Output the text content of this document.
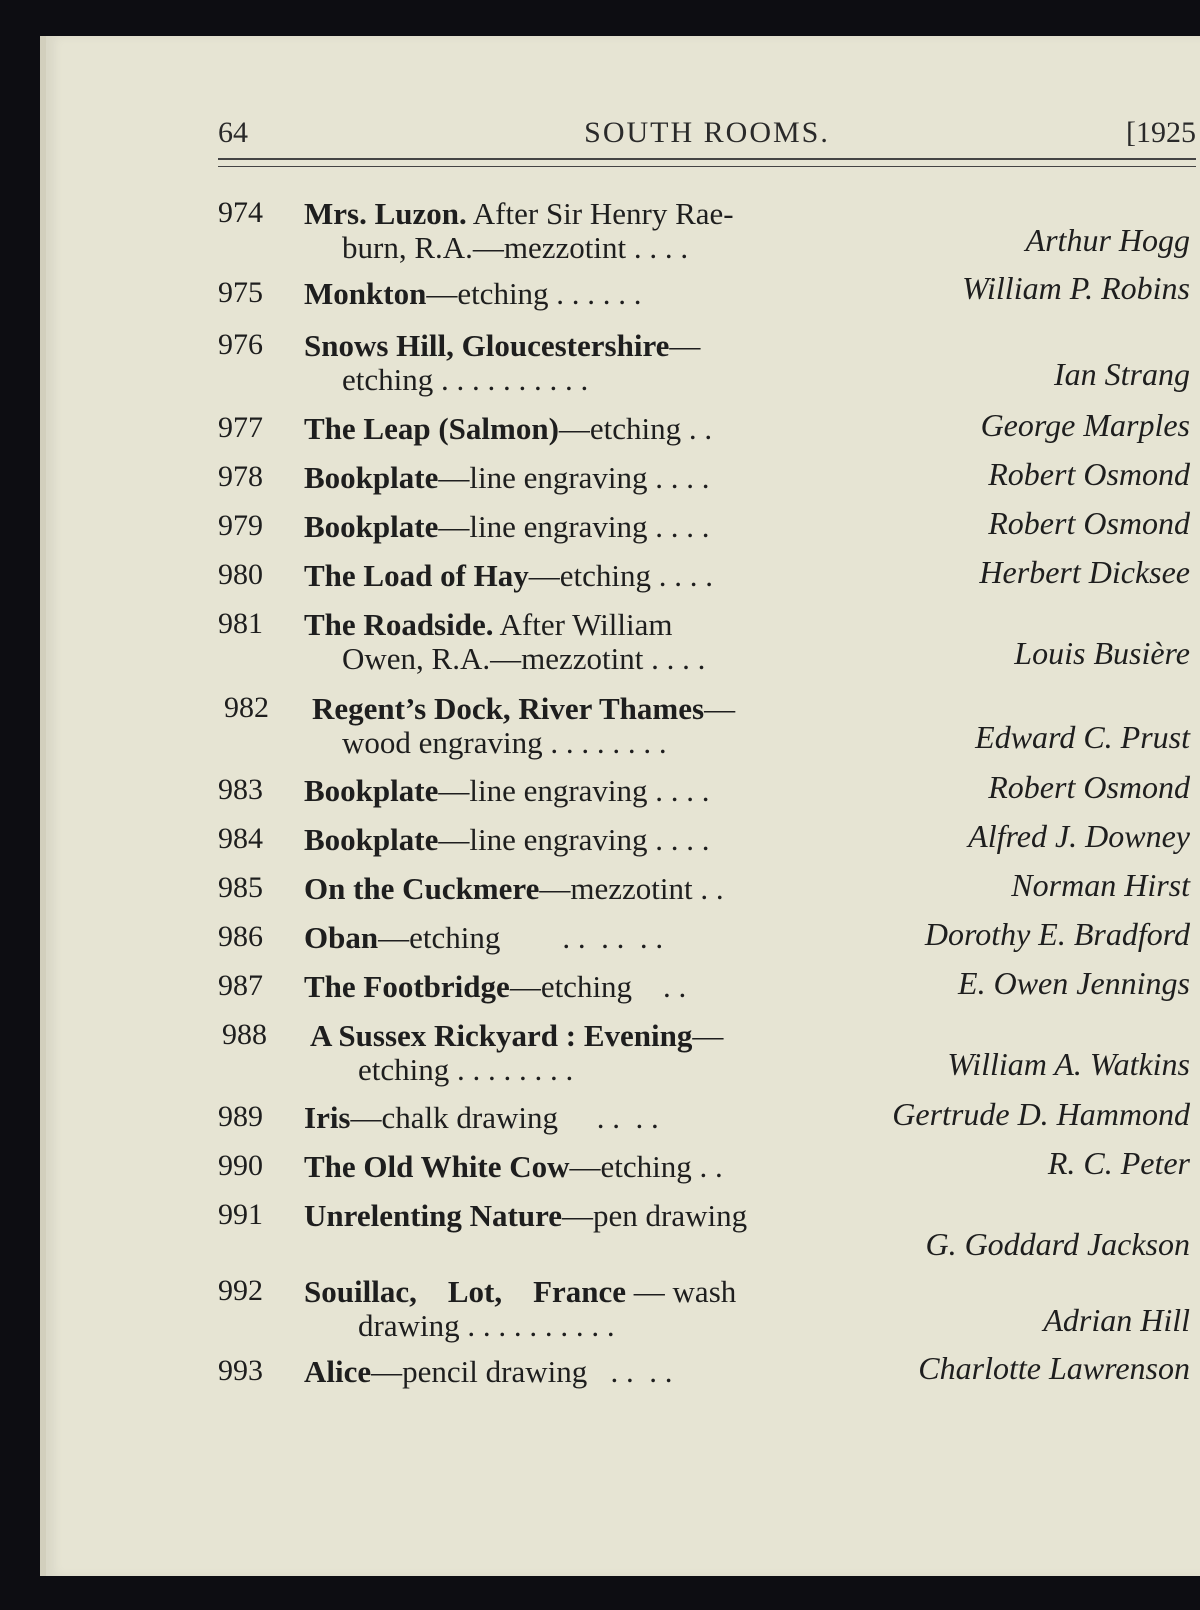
64	SOUTH ROOMS.	[1925
974 Mrs. Luzon. After Sir Henry Rae-
burn, R.A.—mezzotint . . . .	Arthur Hogg
975 Monkton—etching . . . . . .	William P. Robins
976 Snows Hill, Gloucestershire—
etching . . . . . . . . . .	Ian Strang
977 The Leap (Salmon)—etching . .	George Marples
978 Bookplate—line engraving . . . .	Robert Osmond
979 Bookplate—line engraving . . . .	Robert Osmond
980 The Load of Hay—etching . . . .	Herbert Dicksee
981 The Roadside. After William
Owen, R.A.—mezzotint . . . .	Louis Busière
982 Regent’s Dock, River Thames—
wood engraving . . . . . . . .	Edward C. Prust
983 Bookplate—line engraving . . . .	Robert Osmond
984 Bookplate—line engraving . . . .	Alfred J. Downey
985 On the Cuckmere—mezzotint . .	Norman Hirst
986 Oban—etching        . .  . .  . .	Dorothy E. Bradford
987 The Footbridge—etching    . .	E. Owen Jennings
988 A Sussex Rickyard : Evening—
etching . . . . . . . .	William A. Watkins
989 Iris—chalk drawing     . .  . .	Gertrude D. Hammond
990 The Old White Cow—etching . .	R. C. Peter
991 Unrelenting Nature—pen drawing
G. Goddard Jackson
992 Souillac,    Lot,    France — wash
drawing . . . . . . . . . .	Adrian Hill
993 Alice—pencil drawing   . .  . .	Charlotte Lawrenson
